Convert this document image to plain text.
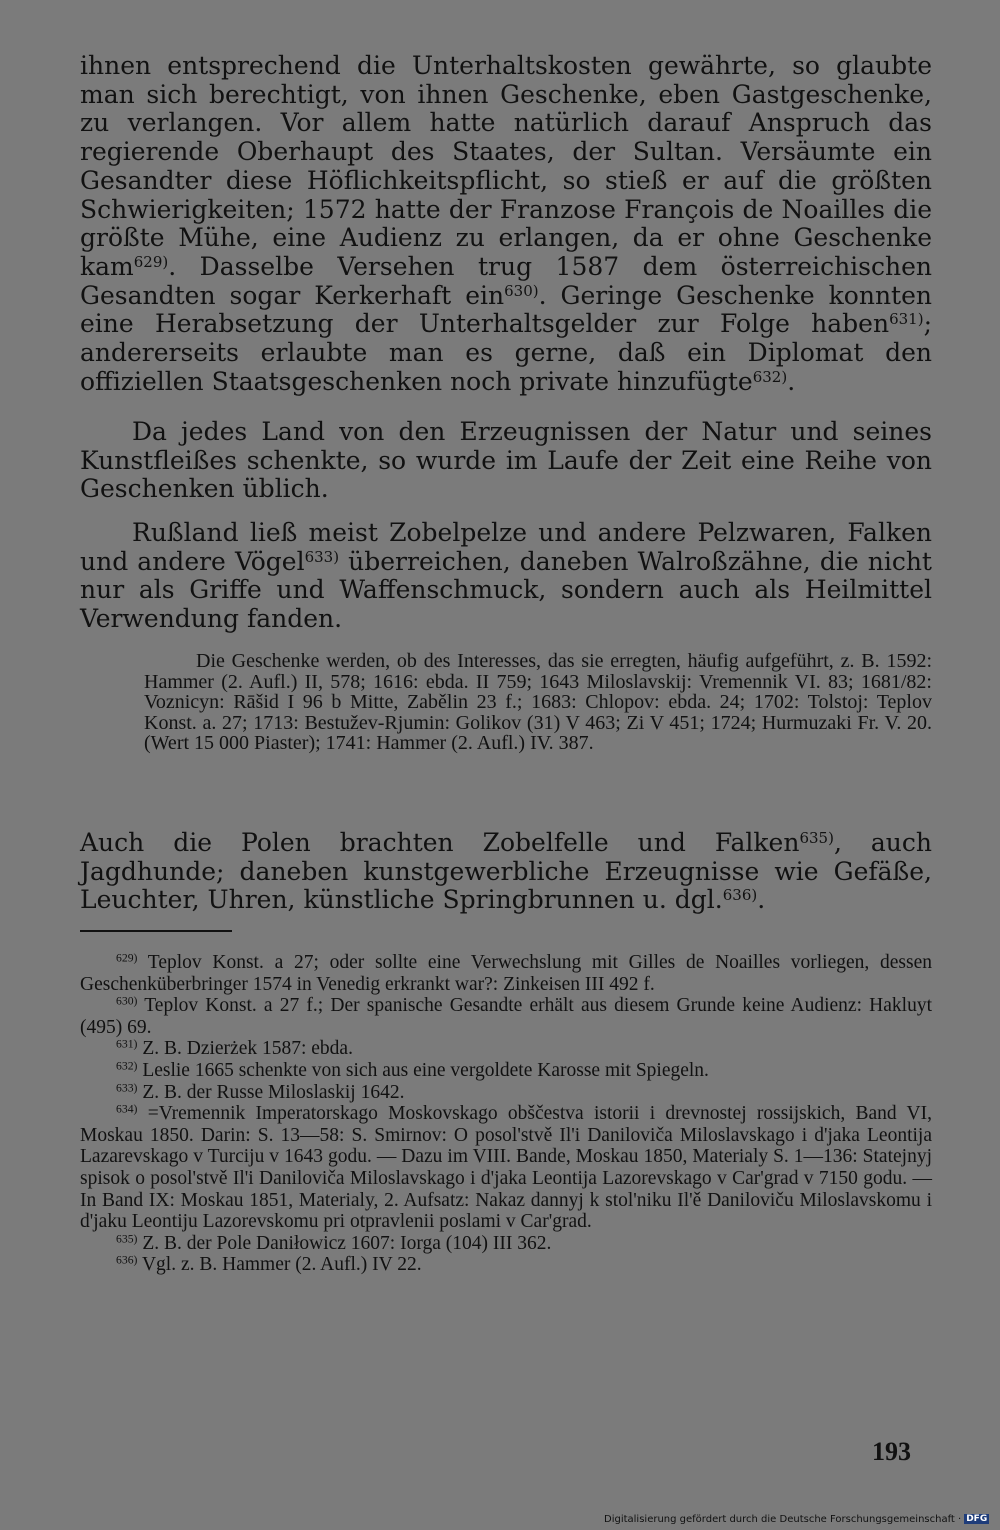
ihnen entsprechend die Unterhaltskosten gewährte, so glaubte man sich berechtigt, von ihnen Geschenke, eben Gastgeschenke, zu verlangen. Vor allem hatte natürlich darauf Anspruch das regierende Oberhaupt des Staates, der Sultan. Versäumte ein Gesandter diese Höflichkeitspflicht, so stieß er auf die größten Schwierigkeiten; 1572 hatte der Franzose François de Noailles die größte Mühe, eine Audienz zu erlangen, da er ohne Geschenke kam$^{629)}$. Dasselbe Versehen trug 1587 dem österreichischen Gesandten sogar Kerkerhaft ein$^{630)}$. Geringe Geschenke konnten eine Herabsetzung der Unterhaltsgelder zur Folge haben$^{631)}$; andererseits erlaubte man es gerne, daß ein Diplomat den offiziellen Staatsgeschenken noch private hinzufügte$^{632)}$.

Da jedes Land von den Erzeugnissen der Natur und seines Kunstfleißes schenkte, so wurde im Laufe der Zeit eine Reihe von Geschenken üblich.

Rußland ließ meist Zobelpelze und andere Pelzwaren, Falken und andere Vögel$^{633)}$ überreichen, daneben Walroßzähne, die nicht nur als Griffe und Waffenschmuck, sondern auch als Heilmittel Verwendung fanden.

Die Geschenke werden, ob des Interesses, das sie erregten, häufig aufgeführt, z. B. 1592: Hammer (2. Aufl.) II, 578; 1616: ebda. II 759; 1643 Miloslavskij: Vremennik VI. 83; 1681/82: Voznicyn: Rāšid I 96 b Mitte, Zabělin 23 f.; 1683: Chlopov: ebda. 24; 1702: Tolstoj: Teplov Konst. a. 27; 1713: Bestužev-Rjumin: Golikov (31) V 463; Zi V 451; 1724; Hurmuzaki Fr. V. 20. (Wert 15 000 Piaster); 1741: Hammer (2. Aufl.) IV. 387.

Auch die Polen brachten Zobelfelle und Falken$^{635)}$, auch Jagdhunde; daneben kunstgewerbliche Erzeugnisse wie Gefäße, Leuchter, Uhren, künstliche Springbrunnen u. dgl.$^{636)}$.

$^{629)}$ Teplov Konst. a 27; oder sollte eine Verwechslung mit Gilles de Noailles vorliegen, dessen Geschenküberbringer 1574 in Venedig erkrankt war?: Zinkeisen III 492 f.

$^{630)}$ Teplov Konst. a 27 f.; Der spanische Gesandte erhält aus diesem Grunde keine Audienz: Hakluyt (495) 69.

$^{631)}$ Z. B. Dzierżek 1587: ebda.

$^{632)}$ Leslie 1665 schenkte von sich aus eine vergoldete Karosse mit Spiegeln.

$^{633)}$ Z. B. der Russe Miloslaskij 1642.

$^{634)}$ =Vremennik Imperatorskago Moskovskago obščestva istorii i drevnostej rossijskich, Band VI, Moskau 1850. Darin: S. 13—58: S. Smirnov: O posol'stvě Il'i Daniloviča Miloslavskago i d'jaka Leontija Lazarevskago v Turciju v 1643 godu. — Dazu im VIII. Bande, Moskau 1850, Materialy S. 1—136: Statejnyj spisok o posol'stvě Il'i Daniloviča Miloslavskago i d'jaka Leontija Lazorevskago v Car'grad v 7150 godu. — In Band IX: Moskau 1851, Materialy, 2. Aufsatz: Nakaz dannyj k stol'niku Il'ě Daniloviču Miloslavskomu i d'jaku Leontiju Lazorevskomu pri otpravlenii poslami v Car'grad.

$^{635)}$ Z. B. der Pole Daniłowicz 1607: Iorga (104) III 362.

$^{636)}$ Vgl. z. B. Hammer (2. Aufl.) IV 22.

193
Digitalisierung gefördert durch die Deutsche Forschungsgemeinschaft · DFG
